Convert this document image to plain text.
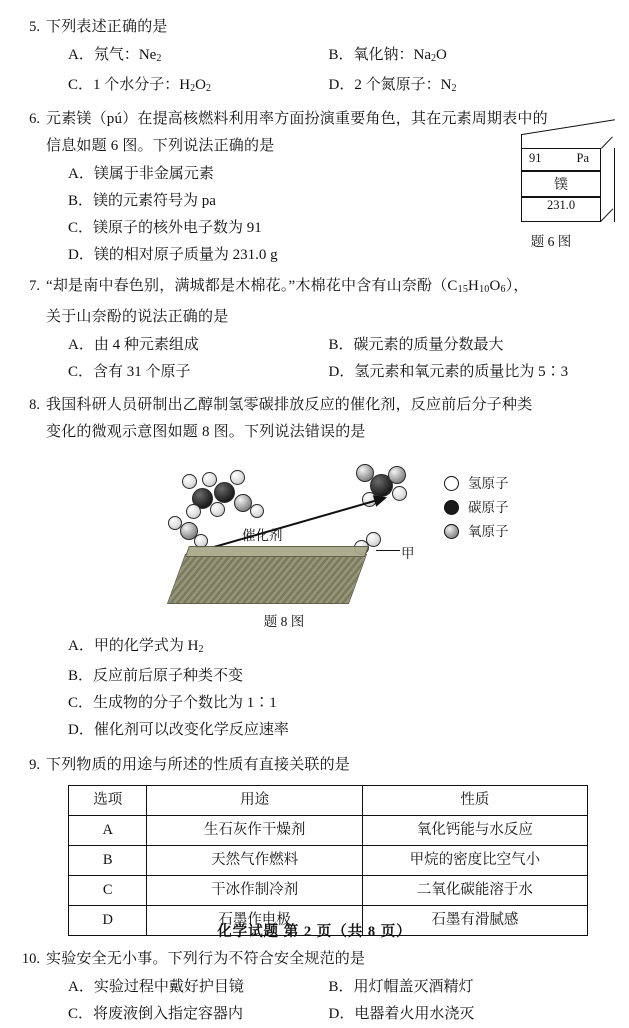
5. 下列表述正确的是
A．氖气：$Ne_2$	B．氧化钠：$Na_2O$
C．1 个水分子：$H_2O_2$	D．2 个氮原子：$N_2$
6. 元素镁（pú）在提高核燃料利用率方面扮演重要角色，其在元素周期表中的
信息如题 6 图。下列说法正确的是
A．镁属于非金属元素
B．镁的元素符号为 pa
C．镁原子的核外电子数为 91
D．镁的相对原子质量为 231.0 g
91	Pa
镤
231.0
题 6 图
7. “却是南中春色别，满城都是木棉花。”木棉花中含有山奈酚$(C_{15}H_{10}O_6)$，
关于山奈酚的说法正确的是
A．由 4 种元素组成	B．碳元素的质量分数最大
C．含有 31 个原子	D．氢元素和氧元素的质量比为 5∶3
8. 我国科研人员研制出乙醇制氢零碳排放反应的催化剂，反应前后分子种类
变化的微观示意图如题 8 图。下列说法错误的是
甲
催化剂
氢原子
碳原子
氧原子
题 8 图
A．甲的化学式为 $H_2$
B．反应前后原子种类不变
C．生成物的分子个数比为 1∶1
D．催化剂可以改变化学反应速率
9. 下列物质的用途与所述的性质有直接关联的是
选项	用途	性质
A	生石灰作干燥剂	氧化钙能与水反应
B	天然气作燃料	甲烷的密度比空气小
C	干冰作制冷剂	二氧化碳能溶于水
D	石墨作电极	石墨有滑腻感
10. 实验安全无小事。下列行为不符合安全规范的是
A．实验过程中戴好护目镜	B．用灯帽盖灭酒精灯
C．将废液倒入指定容器内	D．电器着火用水浇灭
化学试题 第 2 页（共 8 页）
